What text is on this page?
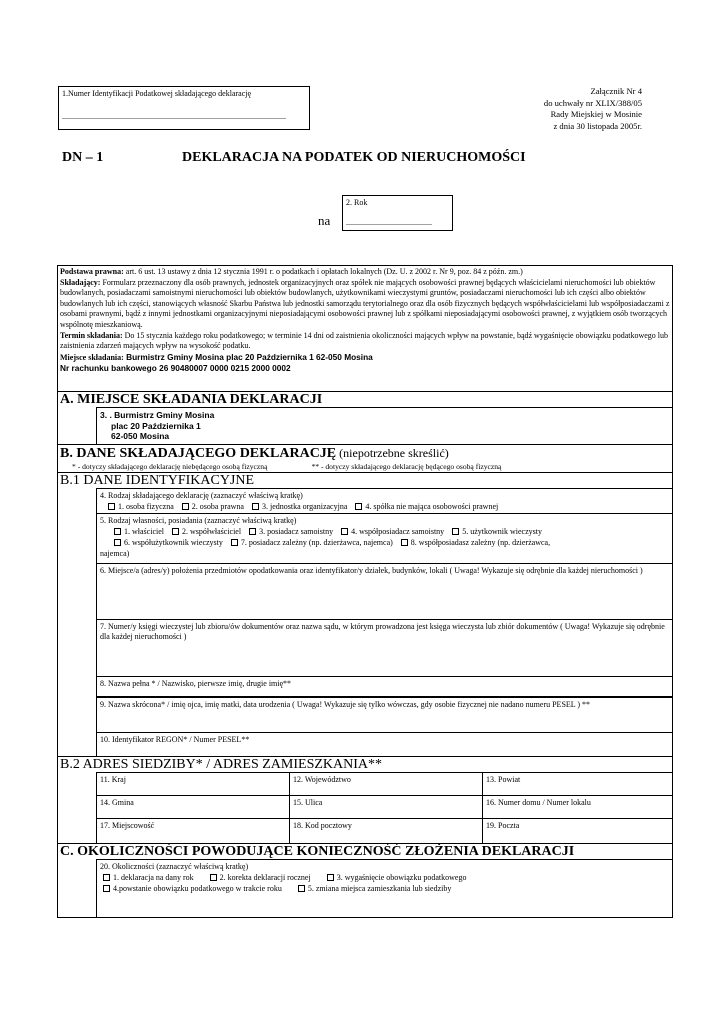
1.Numer Identyfikacji Podatkowej składającego deklarację
................................................................................................................
Załącznik Nr 4
do uchwały nr XLIX/388/05
Rady Miejskiej w Mosinie
z dnia 30 listopada 2005r.
DN – 1	DEKLARACJA NA PODATEK OD NIERUCHOMOŚCI
na
2. Rok
...........................................
Podstawa prawna: art. 6 ust. 13 ustawy z dnia 12 stycznia 1991 r. o podatkach i opłatach lokalnych (Dz. U. z 2002 r. Nr 9, poz. 84 z późn. zm.)
Składający: Formularz przeznaczony dla osób prawnych, jednostek organizacyjnych oraz spółek nie mających osobowości prawnej będących właścicielami nieruchomości lub obiektów budowlanych, posiadaczami samoistnymi nieruchomości lub obiektów budowlanych, użytkownikami wieczystymi gruntów, posiadaczami nieruchomości lub ich części albo obiektów budowlanych lub ich części, stanowiących własność Skarbu Państwa lub jednostki samorządu terytorialnego oraz dla osób fizycznych będących współwłaścicielami lub współposiadaczami z osobami prawnymi, bądź z innymi jednostkami organizacyjnymi nieposiadającymi osobowości prawnej lub z spółkami nieposiadającymi osobowości prawnej, z wyjątkiem osób tworzących wspólnotę mieszkaniową.
Termin składania: Do 15 stycznia każdego roku podatkowego; w terminie 14 dni od zaistnienia okoliczności mających wpływ na powstanie, bądź wygaśnięcie obowiązku podatkowego lub zaistnienia zdarzeń mających wpływ na wysokość podatku.
Miejsce składania: Burmistrz Gminy Mosina plac 20 Października 1 62-050 Mosina
Nr rachunku bankowego 26 90480007 0000 0215 2000 0002
A. MIEJSCE SKŁADANIA DEKLARACJI
3. . Burmistrz Gminy Mosina
plac 20 Października 1
62-050 Mosina
B. DANE SKŁADAJĄCEGO DEKLARACJĘ (niepotrzebne skreślić)
* - dotyczy składającego deklarację niebędącego osobą fizyczną	** - dotyczy składającego deklarację będącego osobą fizyczną
B.1 DANE IDENTYFIKACYJNE
4. Rodzaj składającego deklarację (zaznaczyć właściwą kratkę)
1. osoba fizyczna 2. osoba prawna 3. jednostka organizacyjna 4. spółka nie mająca osobowości prawnej
5. Rodzaj własności, posiadania (zaznaczyć właściwą kratkę)
1. właściciel 2. współwłaściciel 3. posiadacz samoistny 4. współposiadacz samoistny 5. użytkownik wieczysty
6. współużytkownik wieczysty 7. posiadacz zależny (np. dzierżawca, najemca) 8. współposiadasz zależny (np. dzierżawca,
najemca)
6. Miejsce/a (adres/y) położenia przedmiotów opodatkowania oraz identyfikator/y działek, budynków, lokali ( Uwaga! Wykazuje się odrębnie dla każdej nieruchomości )
7. Numer/y księgi wieczystej lub zbioru/ów dokumentów oraz nazwa sądu, w którym prowadzona jest księga wieczysta lub zbiór dokumentów ( Uwaga! Wykazuje się odrębnie dla każdej nieruchomości )
8. Nazwa pełna * / Nazwisko, pierwsze imię, drugie imię**
9. Nazwa skrócona* / imię ojca, imię matki, data urodzenia ( Uwaga! Wykazuje się tylko wówczas, gdy osobie fizycznej nie nadano numeru PESEL ) **
10. Identyfikator REGON* / Numer PESEL**
B.2 ADRES SIEDZIBY* / ADRES ZAMIESZKANIA**
11. Kraj	12. Województwo	13. Powiat
14. Gmina	15. Ulica	16. Numer domu / Numer lokalu
17. Miejscowość	18. Kod pocztowy	19. Poczta
C. OKOLICZNOŚCI POWODUJĄCE KONIECZNOŚĆ ZŁOŻENIA DEKLARACJI
20. Okoliczności (zaznaczyć właściwą kratkę)
1. deklaracja na dany rok	2. korekta deklaracji rocznej	3. wygaśnięcie obowiązku podatkowego
4.powstanie obowiązku podatkowego w trakcie roku	5. zmiana miejsca zamieszkania lub siedziby
